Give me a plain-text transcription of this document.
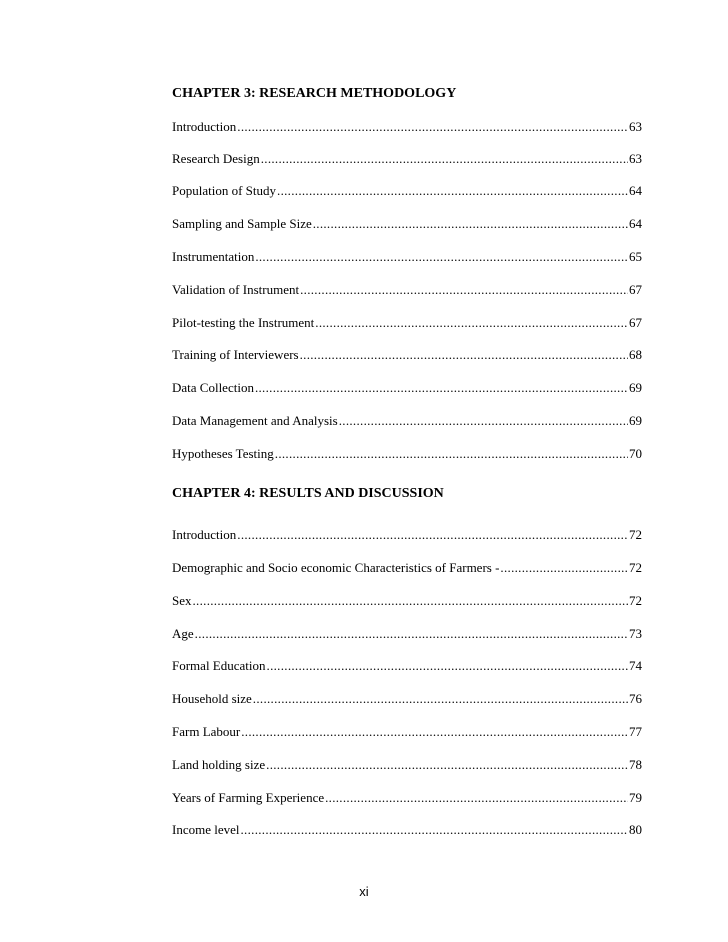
CHAPTER 3: RESEARCH METHODOLOGY
Introduction .....	63
Research Design .....	63
Population of Study .....	64
Sampling and Sample Size .....	64
Instrumentation .....	65
Validation of Instrument .....	67
Pilot-testing the Instrument .....	67
Training of Interviewers .....	68
Data Collection .....	69
Data Management and Analysis .....	69
Hypotheses Testing .....	70
CHAPTER 4: RESULTS AND DISCUSSION
Introduction .....	72
Demographic and Socio economic Characteristics of Farmers - .....	72
Sex .....	72
Age .....	73
Formal Education .....	74
Household size .....	76
Farm Labour .....	77
Land holding size .....	78
Years of Farming Experience .....	79
Income level .....	80
xi
